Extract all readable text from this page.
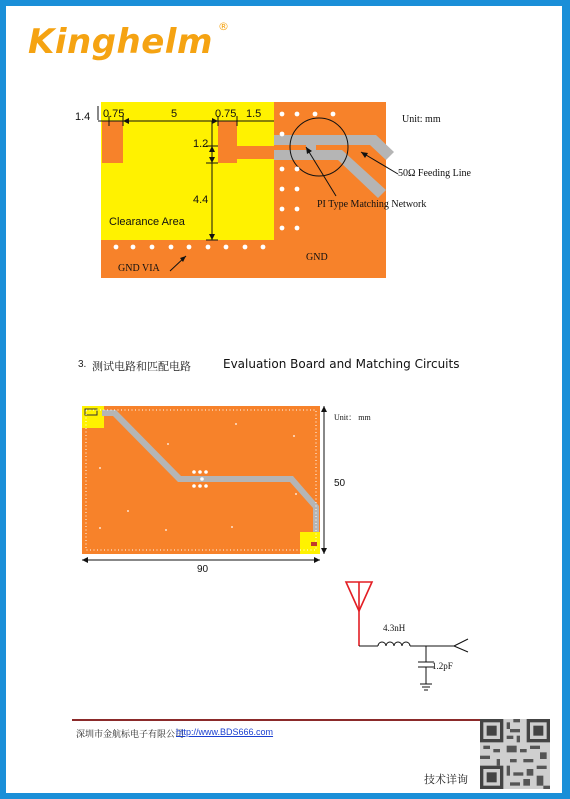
Kinghelm ®
1.4 0.75	5	0.75 1.5
1.2
4.4
Clearance Area
Unit: mm
50Ω Feeding Line
PI Type Matching Network
GND VIA
GND
Unit： mm
50
90
4.3nH
1.2pF
3. 测试电路和匹配电路	Evaluation Board and Matching Circuits
深圳市金航标电子有限公司
http://www.BDS666.com
技术详询
